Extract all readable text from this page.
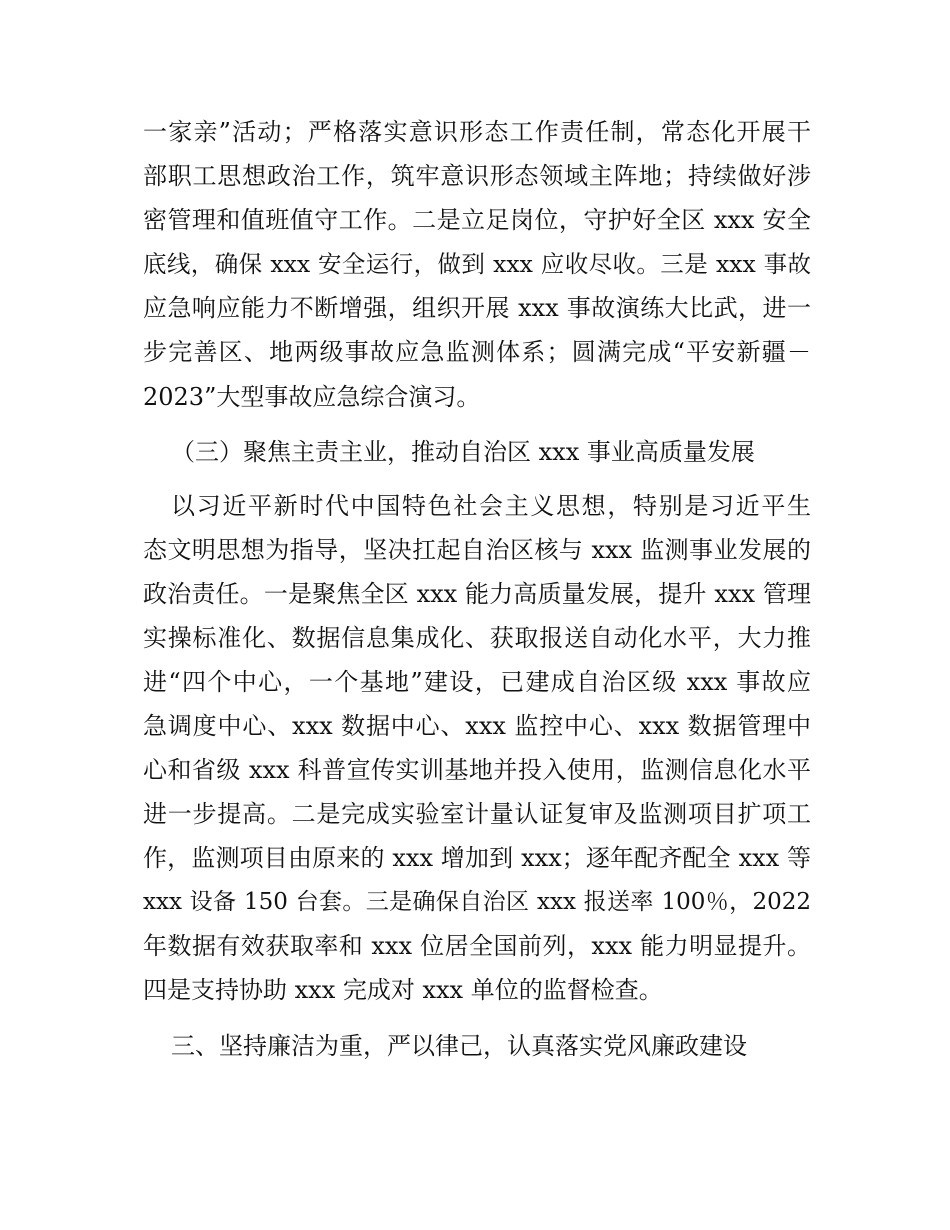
一家亲”活动；严格落实意识形态工作责任制，常态化开展干
部职工思想政治工作，筑牢意识形态领域主阵地；持续做好涉
密管理和值班值守工作。二是立足岗位，守护好全区 xxx 安全
底线，确保 xxx 安全运行，做到 xxx 应收尽收。三是 xxx 事故
应急响应能力不断增强，组织开展 xxx 事故演练大比武，进一
步完善区、地两级事故应急监测体系；圆满完成“平安新疆－
2023”大型事故应急综合演习。
（三）聚焦主责主业，推动自治区 xxx 事业高质量发展
以习近平新时代中国特色社会主义思想，特别是习近平生
态文明思想为指导，坚决扛起自治区核与 xxx 监测事业发展的
政治责任。一是聚焦全区 xxx 能力高质量发展，提升 xxx 管理
实操标准化、数据信息集成化、获取报送自动化水平，大力推
进“四个中心，一个基地”建设，已建成自治区级 xxx 事故应
急调度中心、xxx 数据中心、xxx 监控中心、xxx 数据管理中
心和省级 xxx 科普宣传实训基地并投入使用，监测信息化水平
进一步提高。二是完成实验室计量认证复审及监测项目扩项工
作，监测项目由原来的 xxx 增加到 xxx；逐年配齐配全 xxx 等
xxx 设备 150 台套。三是确保自治区 xxx 报送率 100％，2022
年数据有效获取率和 xxx 位居全国前列，xxx 能力明显提升。
四是支持协助 xxx 完成对 xxx 单位的监督检查。
三、坚持廉洁为重，严以律己，认真落实党风廉政建设
